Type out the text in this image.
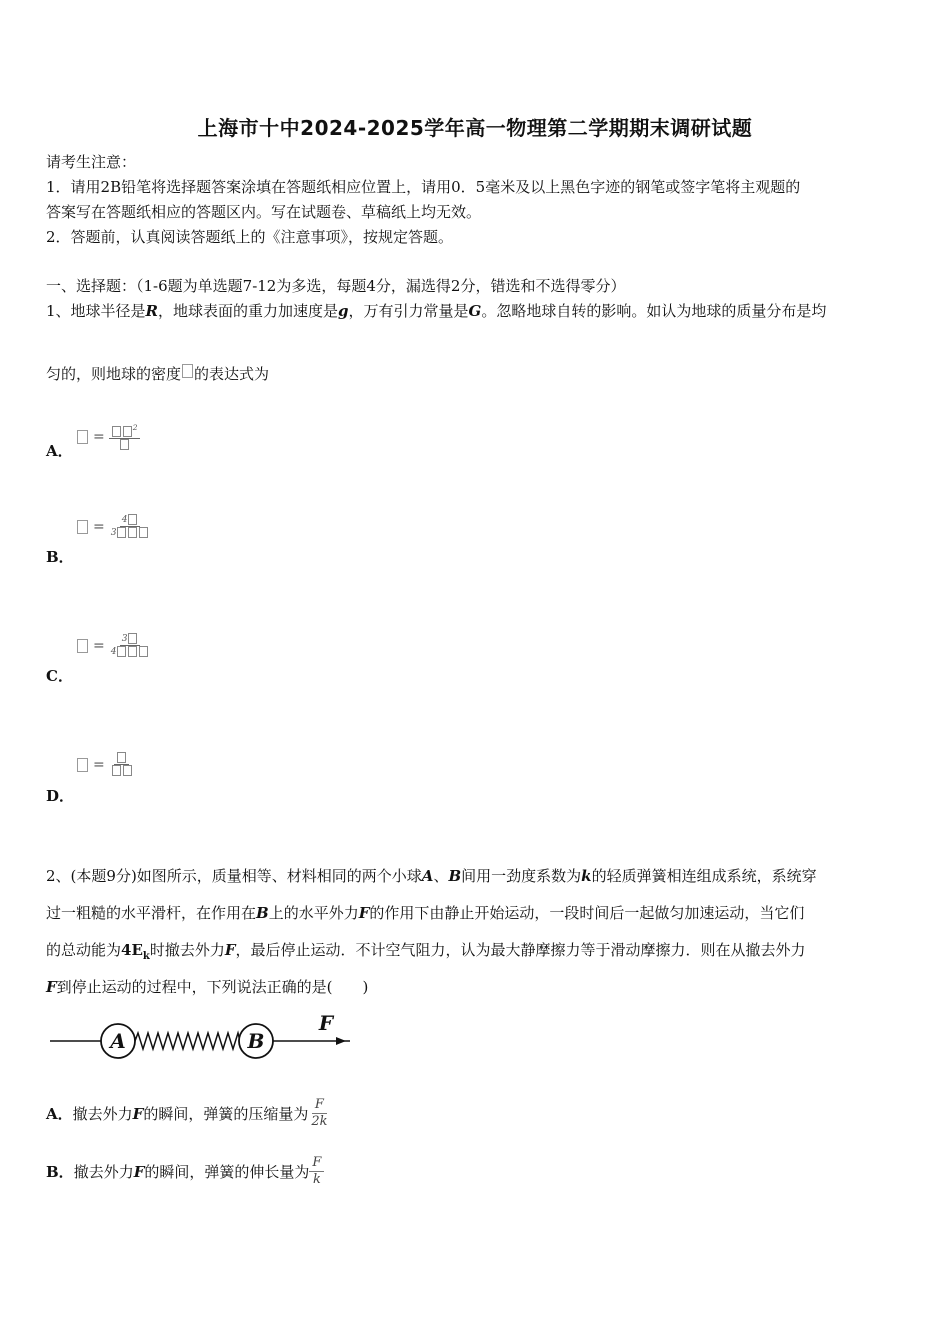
上海市十中2024-2025学年高一物理第二学期期末调研试题
请考生注意：
1．请用2B铅笔将选择题答案涂填在答题纸相应位置上，请用0．5毫米及以上黑色字迹的钢笔或签字笔将主观题的
答案写在答题纸相应的答题区内。写在试题卷、草稿纸上均无效。
2．答题前，认真阅读答题纸上的《注意事项》，按规定答题。
一、选择题：（1-6题为单选题7-12为多选，每题4分，漏选得2分，错选和不选得零分）
1、地球半径是R，地球表面的重力加速度是g，万有引力常量是G。忽略地球自转的影响。如认为地球的质量分布是均
匀的，则地球的密度 的表达式为
=
$^2$
A．
= $\frac{4}{3}$
B．
= $\frac{3}{4}$
C．
=
D．
2、(本题9分)如图所示，质量相等、材料相同的两个小球A、B间用一劲度系数为k的轻质弹簧相连组成系统，系统穿
过一粗糙的水平滑杆，在作用在B上的水平外力F的作用下由静止开始运动，一段时间后一起做匀加速运动，当它们
的总动能为$4E_k$时撤去外力F，最后停止运动．不计空气阻力，认为最大静摩擦力等于滑动摩擦力．则在从撤去外力
F到停止运动的过程中，下列说法正确的是(　　)
A	B
F
A． 撤去外力 F 的瞬间，弹簧的压缩量为 $\frac{F}{2k}$
B． 撤去外力 F 的瞬间，弹簧的伸长量为 $\frac{F}{k}$
